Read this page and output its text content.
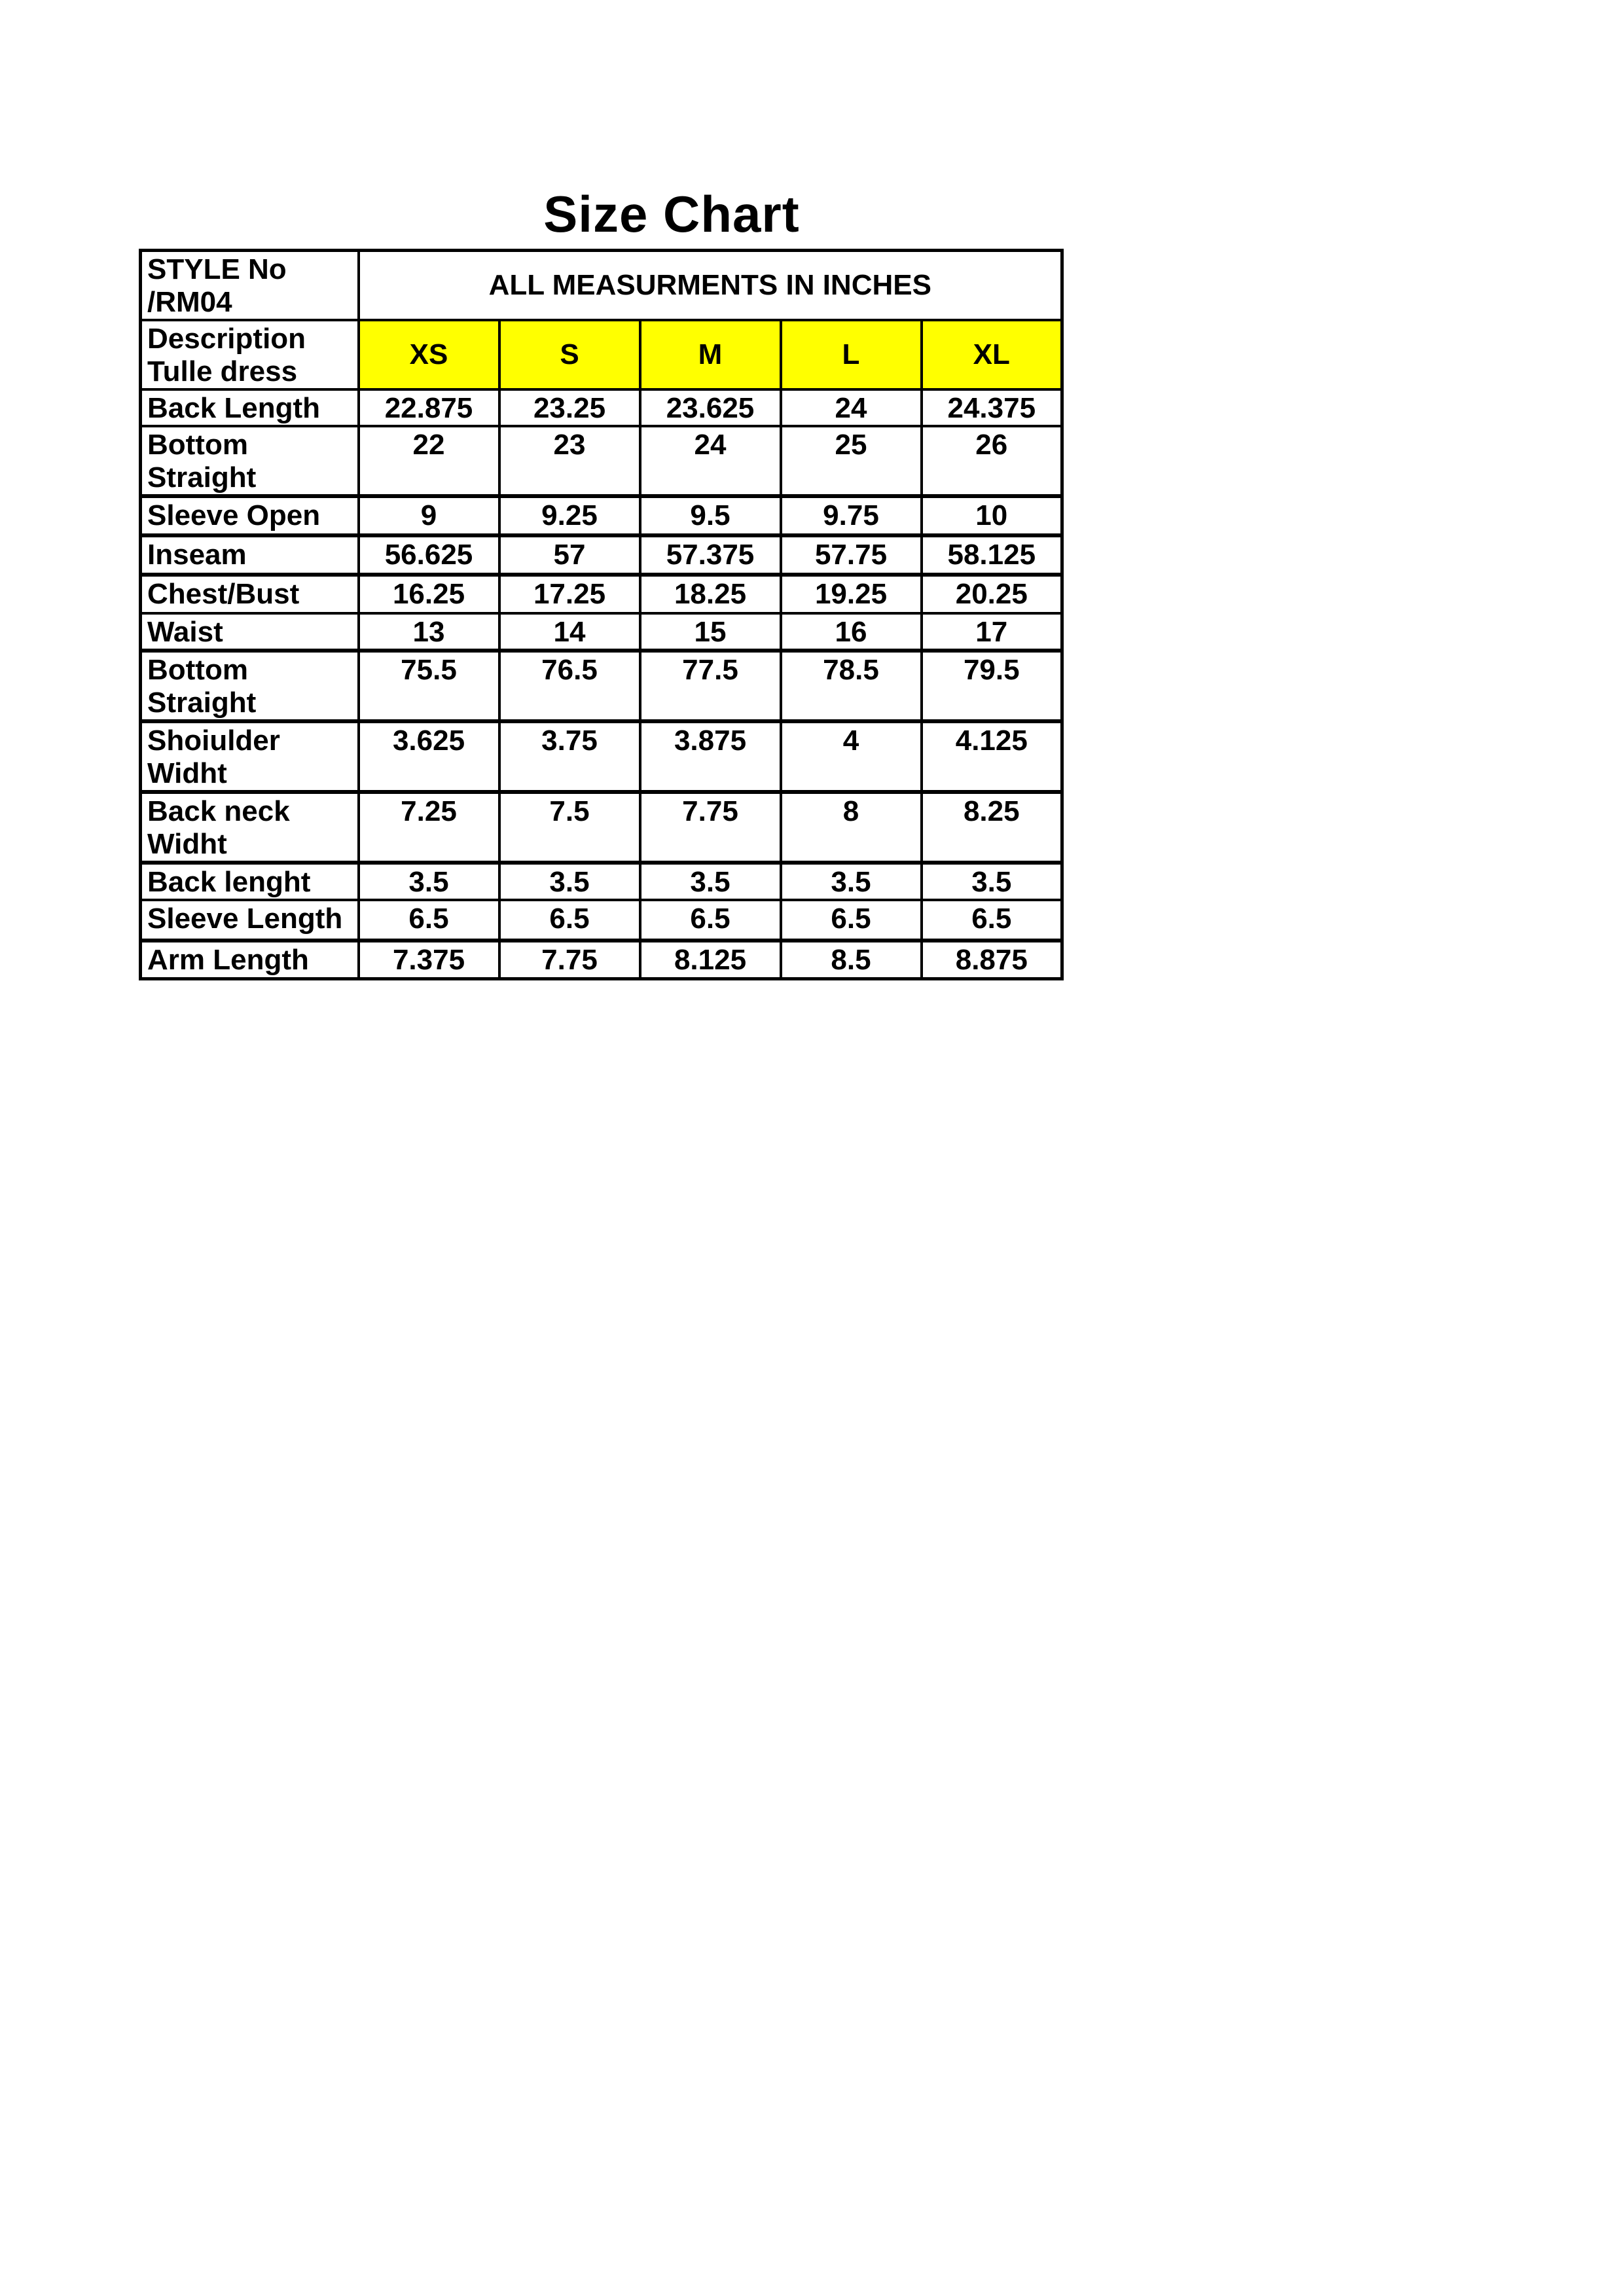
Size Chart
STYLE No
/RM04	ALL MEASURMENTS IN INCHES				

Description
Tulle dress	XS	S	M	L	XL
Back Length	22.875	23.25	23.625	24	24.375
Bottom Straight	22	23	24	25	26
Sleeve Open	9	9.25	9.5	9.75	10
Inseam	56.625	57	57.375	57.75	58.125
Chest/Bust	16.25	17.25	18.25	19.25	20.25
Waist	13	14	15	16	17
Bottom Straight	75.5	76.5	77.5	78.5	79.5
Shoiulder Widht	3.625	3.75	3.875	4	4.125

Back neck
Widht	7.25	7.5	7.75	8	8.25
Back lenght	3.5	3.5	3.5	3.5	3.5
Sleeve Length	6.5	6.5	6.5	6.5	6.5
Arm Length	7.375	7.75	8.125	8.5	8.875
